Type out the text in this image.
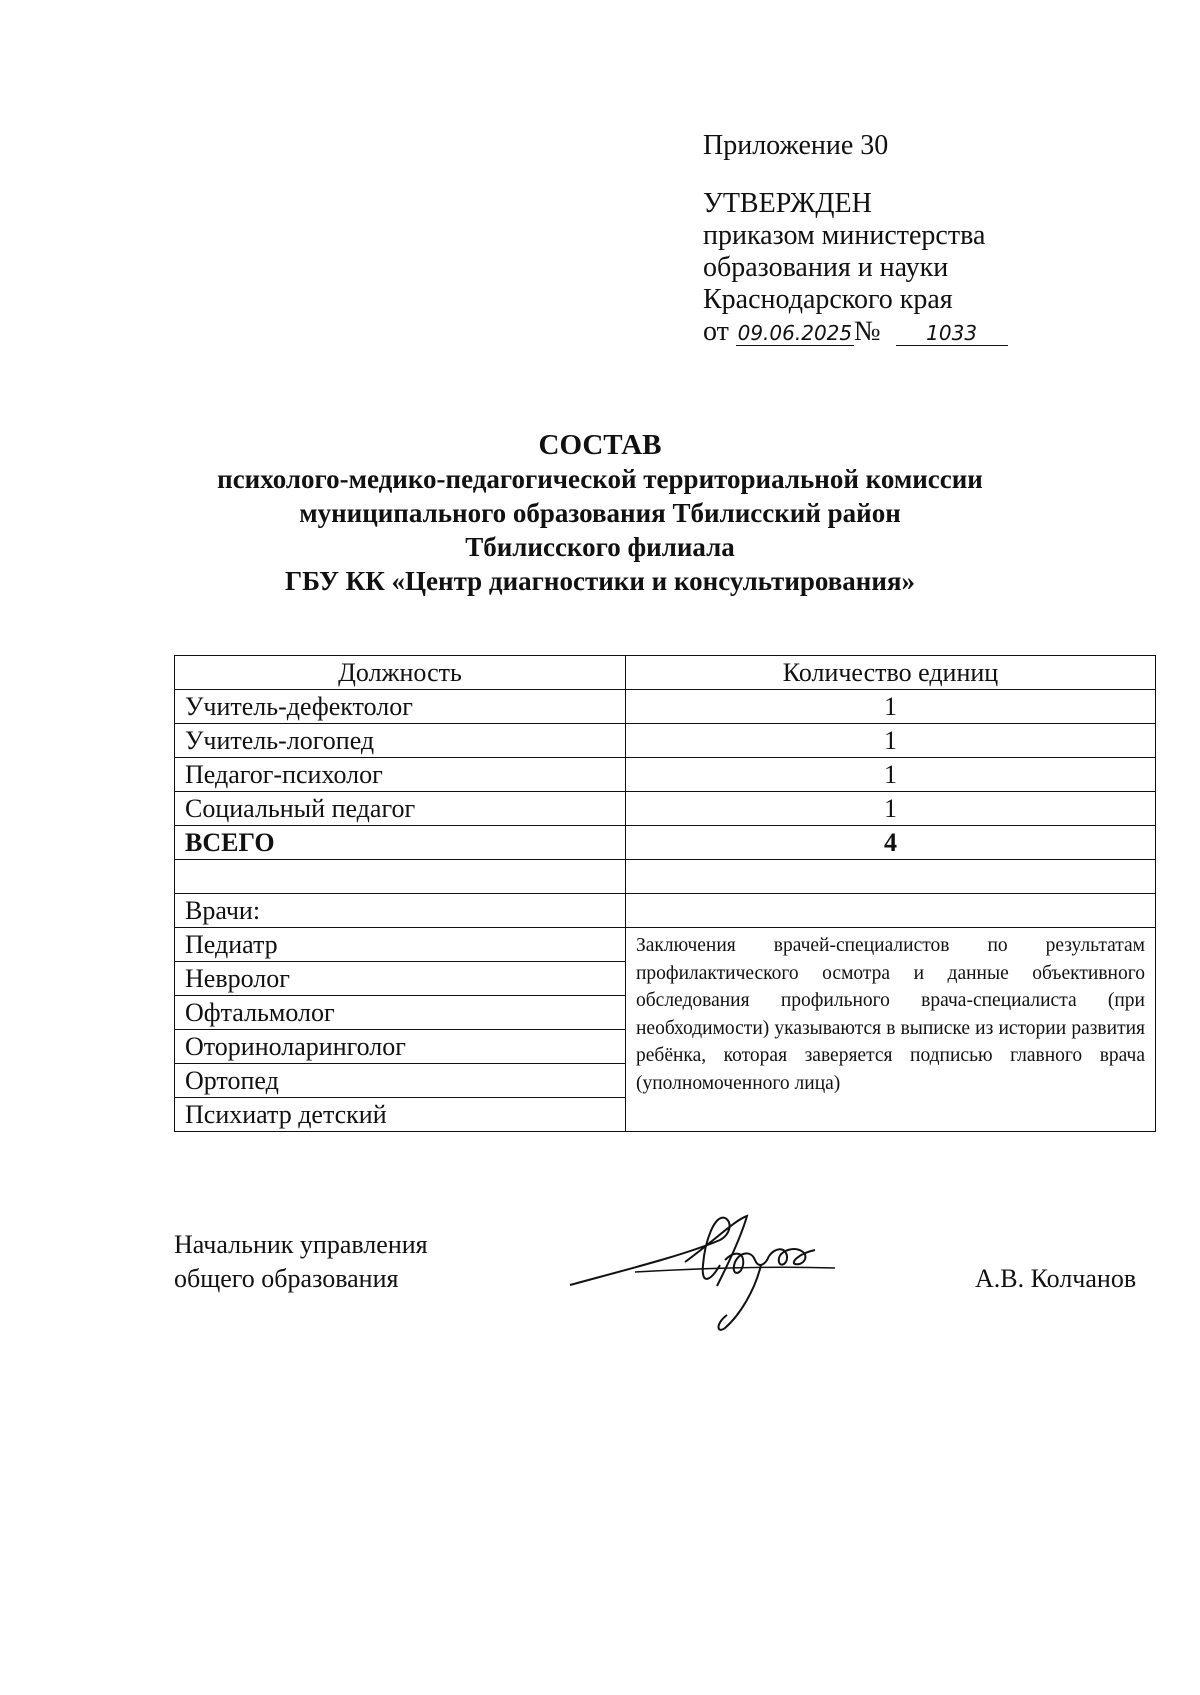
Приложение 30
УТВЕРЖДЕН
приказом министерства
образования и науки
Краснодарского края
от 09.06.2025№ 1033
СОСТАВ
психолого-медико-педагогической территориальной комиссии
муниципального образования Тбилисский район
Тбилисского филиала
ГБУ КК «Центр диагностики и консультирования»
Должность	Количество единиц
Учитель-дефектолог	1
Учитель-логопед	1
Педагог-психолог	1
Социальный педагог	1
ВСЕГО	4

Врачи:	
Педиатр	Заключения врачей-специалистов по результатам профилактического осмотра и данные объективного обследования профильного врача-специалиста (при необходимости) указываются в выписке из истории развития ребёнка, которая заверяется подписью главного врача (уполномоченного лица)
Невролог	
Офтальмолог	
Оториноларинголог	
Ортопед	
Психиатр детский	
Начальник управления
общего образования	А.В. Колчанов
